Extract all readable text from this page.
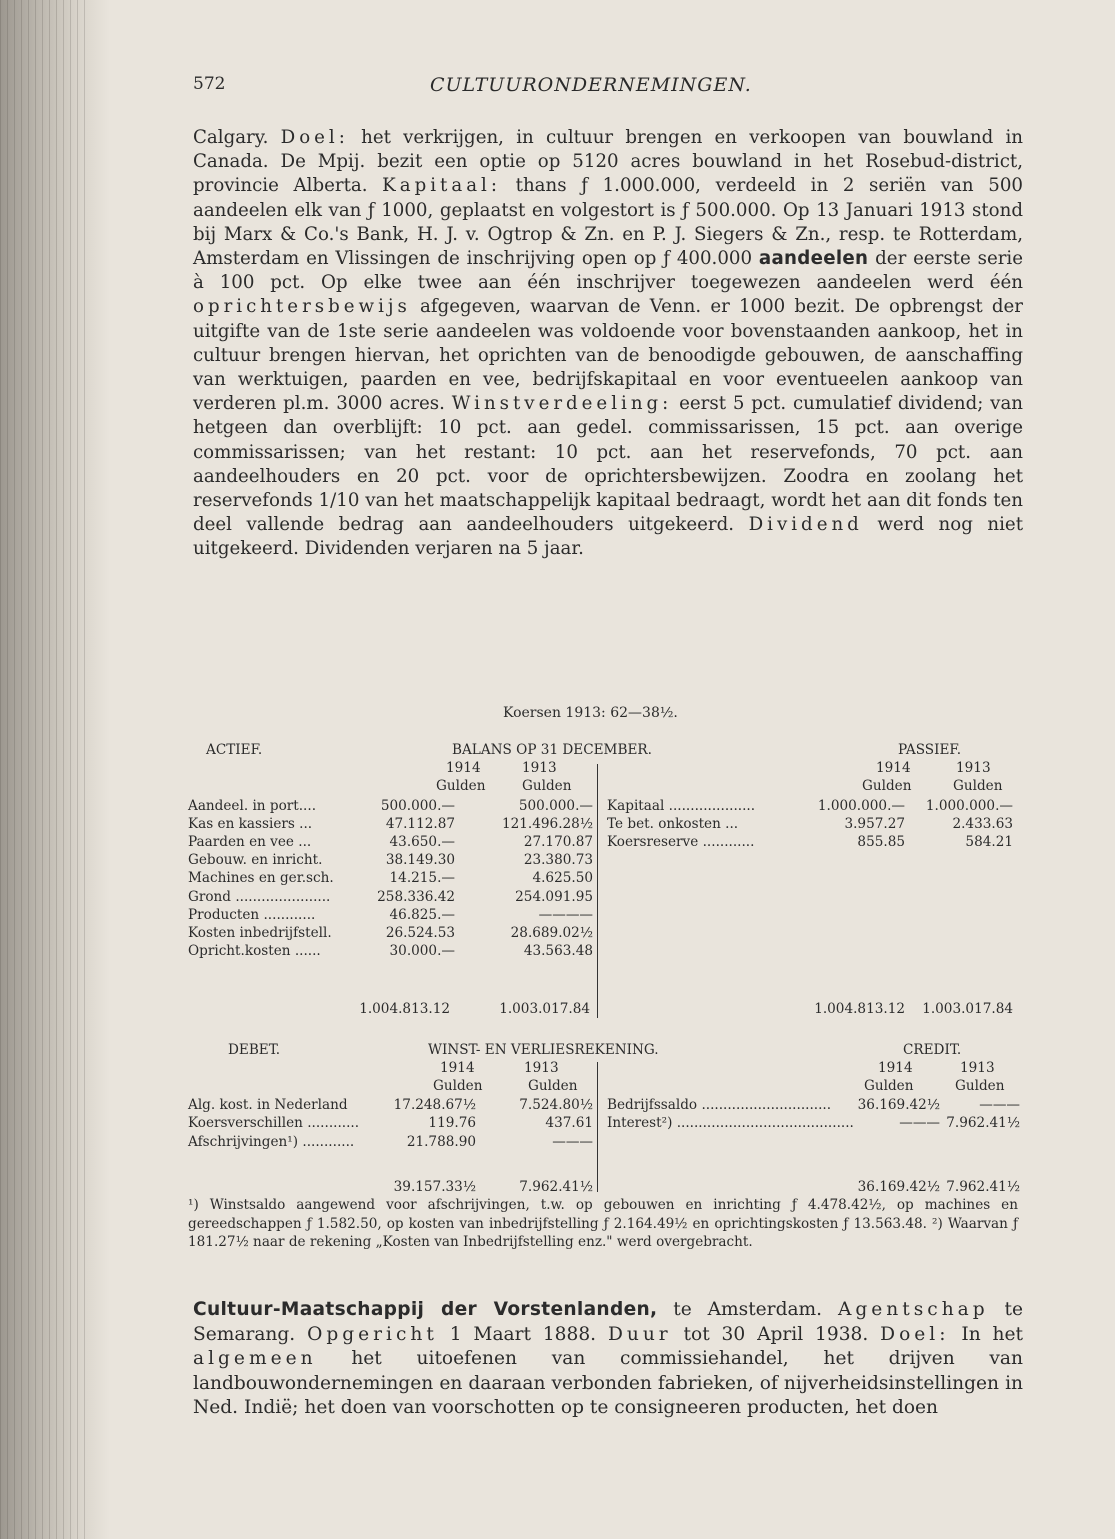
572	CULTUURONDERNEMINGEN.

Calgary. Doel: het verkrijgen, in cultuur brengen en verkoopen van bouwland in Canada. De Mpij. bezit een optie op 5120 acres bouwland in het Rosebud-district, provincie Alberta. Kapitaal: thans ƒ 1.000.000, verdeeld in 2 seriën van 500 aandeelen elk van ƒ 1000, geplaatst en volgestort is ƒ 500.000. Op 13 Januari 1913 stond bij Marx & Co.'s Bank, H. J. v. Ogtrop & Zn. en P. J. Siegers & Zn., resp. te Rotterdam, Amsterdam en Vlissingen de inschrijving open op ƒ 400.000 aandeelen der eerste serie à 100 pct. Op elke twee aan één inschrijver toegewezen aandeelen werd één oprichtersbewijs afgegeven, waarvan de Venn. er 1000 bezit. De opbrengst der uitgifte van de 1ste serie aandeelen was voldoende voor bovenstaanden aankoop, het in cultuur brengen hiervan, het oprichten van de benoodigde gebouwen, de aanschaffing van werktuigen, paarden en vee, bedrijfskapitaal en voor eventueelen aankoop van verderen pl.m. 3000 acres. Winstverdeeling: eerst 5 pct. cumulatief dividend; van hetgeen dan overblijft: 10 pct. aan gedel. commissarissen, 15 pct. aan overige commissarissen; van het restant: 10 pct. aan het reservefonds, 70 pct. aan aandeelhouders en 20 pct. voor de oprichtersbewijzen. Zoodra en zoolang het reservefonds 1/10 van het maatschappelijk kapitaal bedraagt, wordt het aan dit fonds ten deel vallende bedrag aan aandeelhouders uitgekeerd. Dividend werd nog niet uitgekeerd. Dividenden verjaren na 5 jaar.

Koersen 1913: 62—38½.
ACTIEF.	BALANS OP 31 DECEMBER.	PASSIEF.
1914	1913	1914	1913
Gulden	Gulden	Gulden	Gulden
Aandeel. in port....	500.000.—	500.000.—
Kas en kassiers ...	47.112.87	121.496.28½
Paarden en vee ...	43.650.—	27.170.87
Gebouw. en inricht.	38.149.30	23.380.73
Machines en ger.sch.	14.215.—	4.625.50
Grond ......................	258.336.42	254.091.95
Producten ............	46.825.—	————
Kosten inbedrijfstell.	26.524.53	28.689.02½
Opricht.kosten ......	30.000.—	43.563.48
Kapitaal ....................	1.000.000.—	1.000.000.—
Te bet. onkosten ...	3.957.27	2.433.63
Koersreserve ............	855.85	584.21
1.004.813.12	1.003.017.84	1.004.813.12	1.003.017.84
DEBET.	WINST- EN VERLIESREKENING.	CREDIT.
1914	1913	1914	1913
Gulden	Gulden	Gulden	Gulden
Alg. kost. in Nederland	17.248.67½	7.524.80½
Koersverschillen ............	119.76	437.61
Afschrijvingen¹) ............	21.788.90	———
Bedrijfssaldo ..............................	36.169.42½	———
Interest²) .........................................	——— 7.962.41½
39.157.33½	7.962.41½	36.169.42½ 7.962.41½

¹) Winstsaldo aangewend voor afschrijvingen, t.w. op gebouwen en inrichting ƒ 4.478.42½, op machines en gereedschappen ƒ 1.582.50, op kosten van inbedrijfstelling ƒ 2.164.49½ en oprichtingskosten ƒ 13.563.48. ²) Waarvan ƒ 181.27½ naar de rekening „Kosten van Inbedrijfstelling enz." werd overgebracht.

Cultuur-Maatschappij der Vorstenlanden, te Amsterdam. Agentschap te Semarang. Opgericht 1 Maart 1888. Duur tot 30 April 1938. Doel: In het algemeen het uitoefenen van commissiehandel, het drijven van landbouwondernemingen en daaraan verbonden fabrieken, of nijverheidsinstellingen in Ned. Indië; het doen van voorschotten op te consigneeren producten, het doen
